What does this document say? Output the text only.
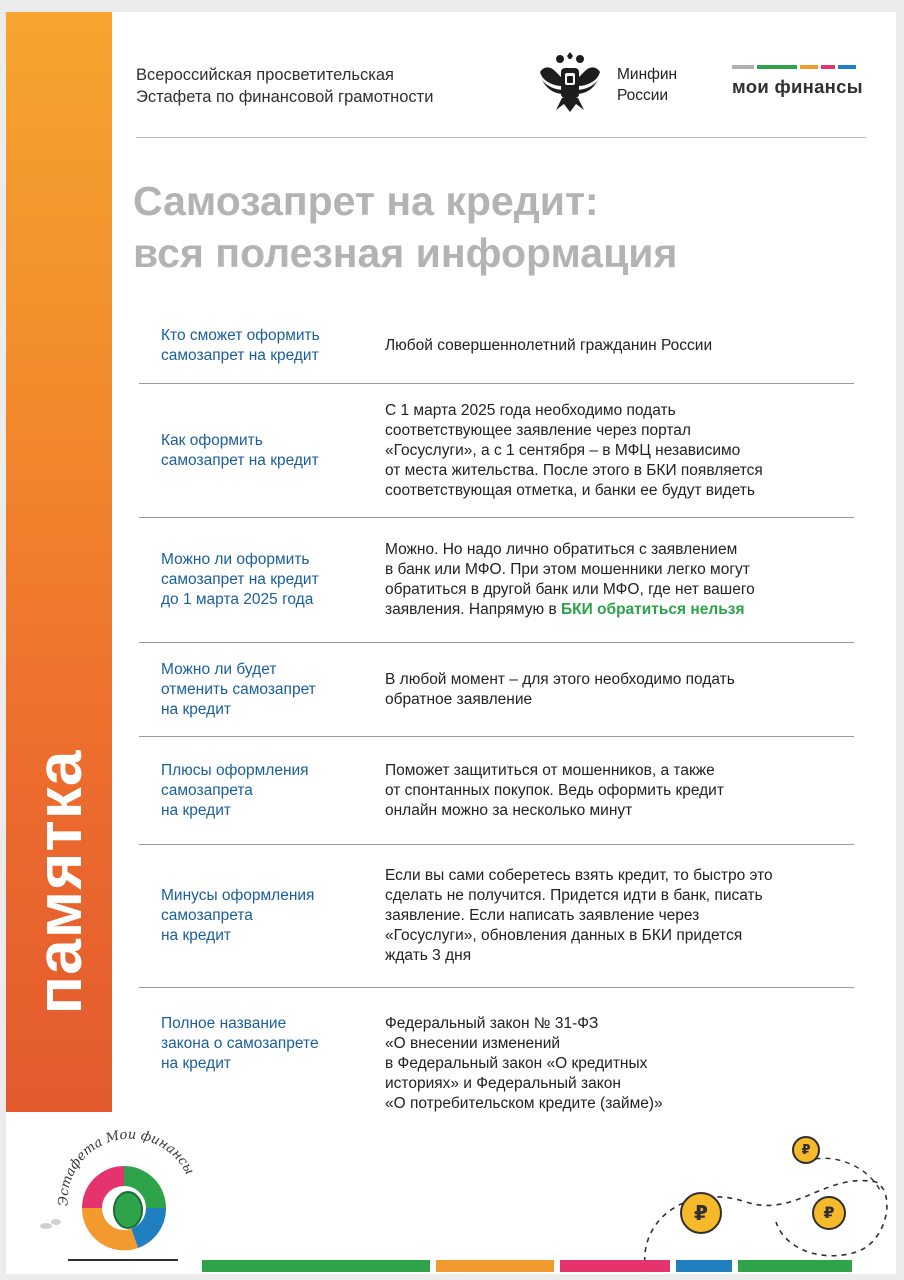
памятка
Всероссийская просветительская
Эстафета по финансовой грамотности
Минфин
России	мои финансы
Самозапрет на кредит:
вся полезная информация
Кто сможет оформить
самозапрет на кредит
Любой совершеннолетний гражданин России
Как оформить
самозапрет на кредит
С 1 марта 2025 года необходимо подать
соответствующее заявление через портал
«Госуслуги», а с 1 сентября – в МФЦ независимо
от места жительства. После этого в БКИ появляется
соответствующая отметка, и банки ее будут видеть
Можно ли оформить
самозапрет на кредит
до 1 марта 2025 года
Можно. Но надо лично обратиться с заявлением
в банк или МФО. При этом мошенники легко могут
обратиться в другой банк или МФО, где нет вашего
заявления. Напрямую в БКИ обратиться нельзя
Можно ли будет
отменить самозапрет
на кредит
В любой момент – для этого необходимо подать
обратное заявление
Плюсы оформления
самозапрета
на кредит
Поможет защититься от мошенников, а также
от спонтанных покупок. Ведь оформить кредит
онлайн можно за несколько минут
Минусы оформления
самозапрета
на кредит
Если вы сами соберетесь взять кредит, то быстро это
сделать не получится. Придется идти в банк, писать
заявление. Если написать заявление через
«Госуслуги», обновления данных в БКИ придется
ждать 3 дня
Полное название
закона о самозапрете
на кредит
Федеральный закон № 31-ФЗ
«О внесении изменений
в Федеральный закон «О кредитных
историях» и Федеральный закон
«О потребительском кредите (займе)»
Эстафета Мои финансы
₽
₽	₽
